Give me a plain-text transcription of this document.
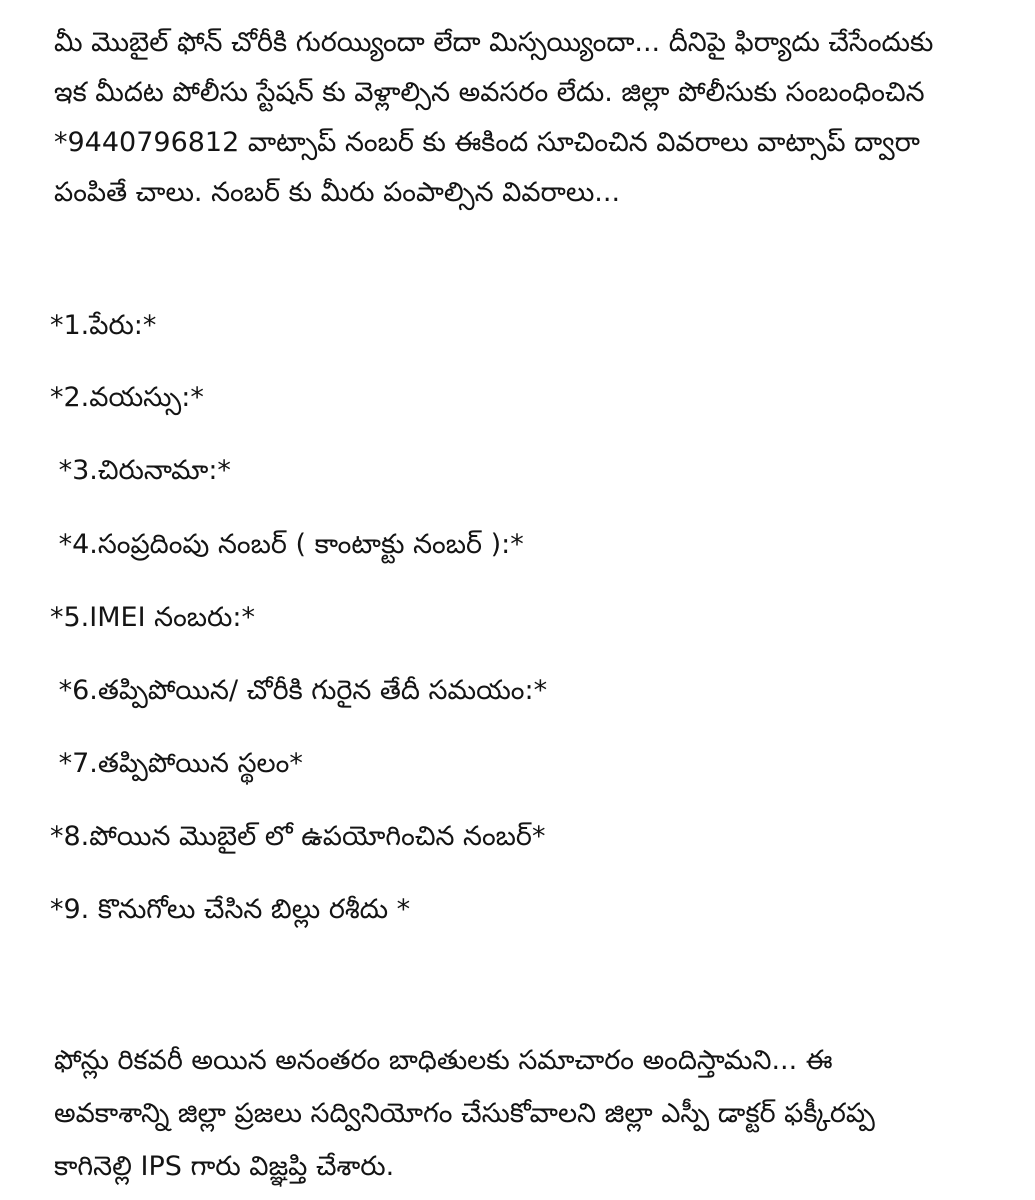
మీ మొబైల్ ఫోన్ చోరీకి గురయ్యిందా లేదా మిస్సయ్యిందా... దీనిపై ఫిర్యాదు చేసేందుకు

ఇక మీదట పోలీసు స్టేషన్ కు వెళ్లాల్సిన అవసరం లేదు. జిల్లా పోలీసుకు సంబంధించిన

*9440796812 వాట్సాప్ నంబర్ కు ఈకింద సూచించిన వివరాలు వాట్సాప్ ద్వారా

పంపితే చాలు. నంబర్ కు మీరు పంపాల్సిన వివరాలు...

*1.పేరు:*
*2.వయస్సు:*
*3.చిరునామా:*
*4.సంప్రదింపు నంబర్ ( కాంటాక్టు నంబర్ ):*
*5.IMEI నంబరు:*
*6.తప్పిపోయిన/ చోరీకి గురైన తేదీ సమయం:*
*7.తప్పిపోయిన స్థలం*
*8.పోయిన మొబైల్ లో ఉపయోగించిన నంబర్*
*9. కొనుగోలు చేసిన బిల్లు రశీదు *

ఫోన్లు రికవరీ అయిన అనంతరం బాధితులకు సమాచారం అందిస్తామని... ఈ

అవకాశాన్ని జిల్లా ప్రజలు సద్వినియోగం చేసుకోవాలని జిల్లా ఎస్పీ డాక్టర్ ఫక్కీరప్ప

కాగినెల్లి IPS గారు విజ్ఞప్తి చేశారు.
